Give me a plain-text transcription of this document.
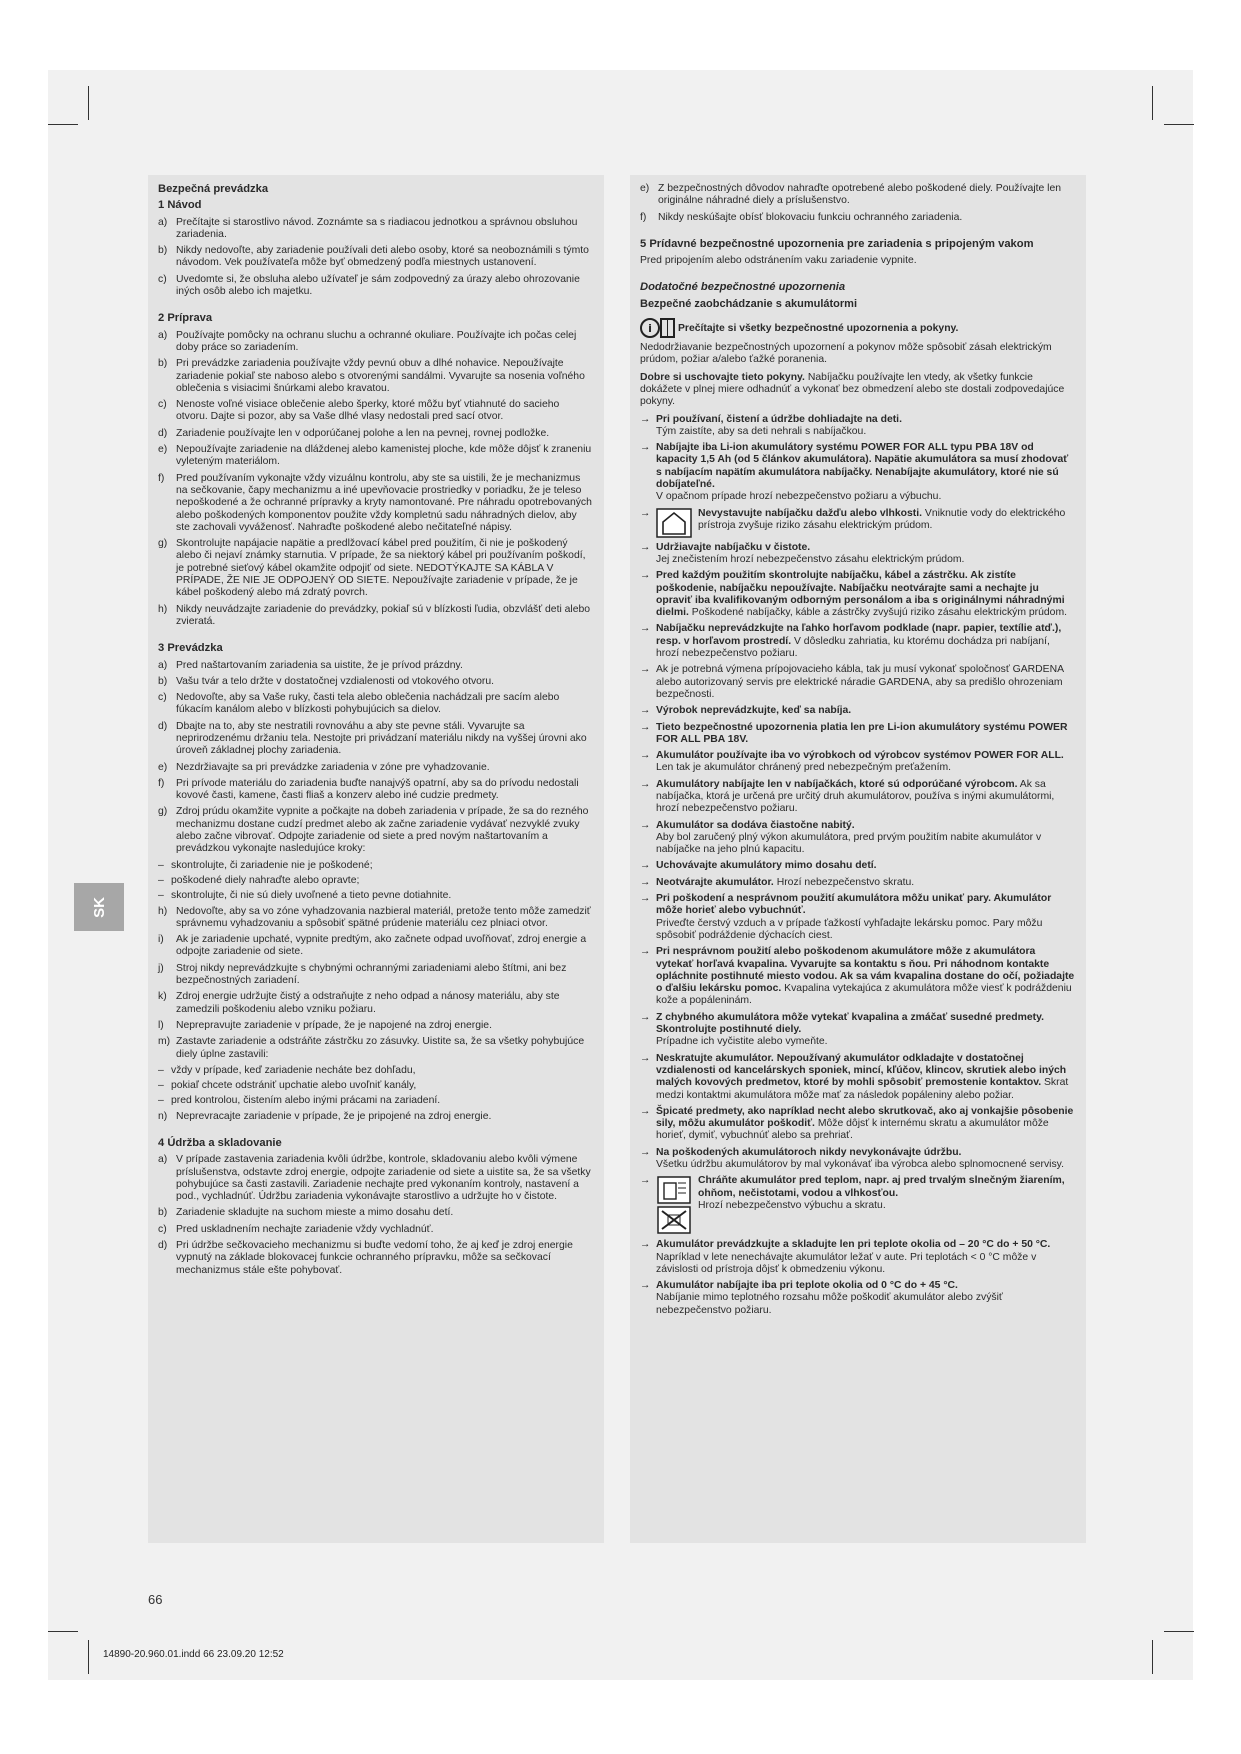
SK
Bezpečná prevádzka
1 Návod
a) Prečítajte si starostlivo návod. Zoznámte sa s riadiacou jednotkou a správnou obsluhou zariadenia.
b) Nikdy nedovoľte, aby zariadenie používali deti alebo osoby, ktoré sa neoboznámili s týmto návodom. Vek používateľa môže byť obmedzený podľa miestnych ustanovení.
c) Uvedomte si, že obsluha alebo užívateľ je sám zodpovedný za úrazy alebo ohrozovanie iných osôb alebo ich majetku.
2 Príprava
a) Používajte pomôcky na ochranu sluchu a ochranné okuliare. Používajte ich počas celej doby práce so zariadením.
b) Pri prevádzke zariadenia používajte vždy pevnú obuv a dlhé nohavice. Nepoužívajte zariadenie pokiaľ ste naboso alebo s otvorenými sandálmi. Vyvarujte sa nosenia voľného oblečenia s visiacimi šnúrkami alebo kravatou.
c) Nenoste voľné visiace oblečenie alebo šperky, ktoré môžu byť vtiahnuté do sacieho otvoru. Dajte si pozor, aby sa Vaše dlhé vlasy nedostali pred sací otvor.
d) Zariadenie používajte len v odporúčanej polohe a len na pevnej, rovnej podložke.
e) Nepoužívajte zariadenie na dláždenej alebo kamenistej ploche, kde môže dôjsť k zraneniu vyleteným materiálom.
f)	Pred používaním vykonajte vždy vizuálnu kontrolu, aby ste sa uistili, že je mechanizmus na sečkovanie, čapy mechanizmu a iné upevňovacie prostriedky v poriadku, že je teleso nepoškodené a že ochranné prípravky a kryty namontované. Pre náhradu opotrebovaných alebo poškodených komponentov použite vždy kompletnú sadu náhradných dielov, aby ste zachovali vyváženosť. Nahraďte poškodené alebo nečitateľné nápisy.
g) Skontrolujte napájacie napätie a predlžovací kábel pred použitím, či nie je poškodený alebo či nejaví známky starnutia. V prípade, že sa niektorý kábel pri používaním poškodí, je potrebné sieťový kábel okamžite odpojiť od siete. NEDOTÝKAJTE SA KÁBLA V PRÍPADE, ŽE NIE JE ODPOJENÝ OD SIETE. Nepoužívajte zariadenie v prípade, že je kábel poškodený alebo má zdratý povrch.
h) Nikdy neuvádzajte zariadenie do prevádzky, pokiaľ sú v blízkosti ľudia, obzvlášť deti alebo zvieratá.
3 Prevádzka
a) Pred naštartovaním zariadenia sa uistite, že je prívod prázdny.
b) Vašu tvár a telo držte v dostatočnej vzdialenosti od vtokového otvoru.
c) Nedovoľte, aby sa Vaše ruky, časti tela alebo oblečenia nachádzali pre sacím alebo fúkacím kanálom alebo v blízkosti pohybujúcich sa dielov.
d) Dbajte na to, aby ste nestratili rovnováhu a aby ste pevne stáli. Vyvarujte sa neprirodzenému držaniu tela. Nestojte pri privádzaní materiálu nikdy na vyššej úrovni ako úroveň základnej plochy zariadenia.
e) Nezdržiavajte sa pri prevádzke zariadenia v zóne pre vyhadzovanie.
f)	Pri prívode materiálu do zariadenia buďte nanajvýš opatrní, aby sa do prívodu nedostali kovové časti, kamene, časti fliaš a konzerv alebo iné cudzie predmety.
g) Zdroj prúdu okamžite vypnite a počkajte na dobeh zariadenia v prípade, že sa do rezného mechanizmu dostane cudzí predmet alebo ak začne zariadenie vydávať nezvyklé zvuky alebo začne vibrovať. Odpojte zariadenie od siete a pred novým naštartovaním a prevádzkou vykonajte nasledujúce kroky:
– skontrolujte, či zariadenie nie je poškodené;
– poškodené diely nahraďte alebo opravte;
– skontrolujte, či nie sú diely uvoľnené a tieto pevne dotiahnite.
h) Nedovoľte, aby sa vo zóne vyhadzovania nazbieral materiál, pretože tento môže zamedziť správnemu vyhadzovaniu a spôsobiť spätné prúdenie materiálu cez plniaci otvor.
i)	Ak je zariadenie upchaté, vypnite predtým, ako začnete odpad uvoľňovať, zdroj energie a odpojte zariadenie od siete.
j)	Stroj nikdy neprevádzkujte s chybnými ochrannými zariadeniami alebo štítmi, ani bez bezpečnostných zariadení.
k) Zdroj energie udržujte čistý a odstraňujte z neho odpad a nánosy materiálu, aby ste zamedzili poškodeniu alebo vzniku požiaru.
l)	Neprepravujte zariadenie v prípade, že je napojené na zdroj energie.
m) Zastavte zariadenie a odstráňte zástrčku zo zásuvky. Uistite sa, že sa všetky pohybujúce diely úplne zastavili:
– vždy v prípade, keď zariadenie necháte bez dohľadu,
– pokiaľ chcete odstrániť upchatie alebo uvoľniť kanály,
– pred kontrolou, čistením alebo inými prácami na zariadení.
n) Neprevracajte zariadenie v prípade, že je pripojené na zdroj energie.
4 Údržba a skladovanie
a) V prípade zastavenia zariadenia kvôli údržbe, kontrole, skladovaniu alebo kvôli výmene príslušenstva, odstavte zdroj energie, odpojte zariadenie od siete a uistite sa, že sa všetky pohybujúce sa časti zastavili. Zariadenie nechajte pred vykonaním kontroly, nastavení a pod., vychladnúť. Údržbu zariadenia vykonávajte starostlivo a udržujte ho v čistote.
b) Zariadenie skladujte na suchom mieste a mimo dosahu detí.
c) Pred uskladnením nechajte zariadenie vždy vychladnúť.
d) Pri údržbe sečkovacieho mechanizmu si buďte vedomí toho, že aj keď je zdroj energie vypnutý na základe blokovacej funkcie ochranného prípravku, môže sa sečkovací mechanizmus stále ešte pohybovať.
e) Z bezpečnostných dôvodov nahraďte opotrebené alebo poškodené diely. Používajte len originálne náhradné diely a príslušenstvo.
f)	Nikdy neskúšajte obísť blokovaciu funkciu ochranného zariadenia.
5 Prídavné bezpečnostné upozornenia pre zariadenia s pripojeným vakom
Pred pripojením alebo odstránením vaku zariadenie vypnite.
Dodatočné bezpečnostné upozornenia
Bezpečné zaobchádzanie s akumulátormi
i	Prečítajte si všetky bezpečnostné upozornenia a pokyny.
Nedodržiavanie bezpečnostných upozornení a pokynov môže spôsobiť zásah elektrickým prúdom, požiar a/alebo ťažké poranenia.
Dobre si uschovajte tieto pokyny. Nabíjačku používajte len vtedy, ak všetky funkcie dokážete v plnej miere odhadnúť a vykonať bez obmedzení alebo ste dostali zodpovedajúce pokyny.
→ Pri používaní, čistení a údržbe dohliadajte na deti.
Tým zaistíte, aby sa deti nehrali s nabíjačkou.
→ Nabíjajte iba Li-ion akumulátory systému POWER FOR ALL typu PBA 18V od kapacity 1,5 Ah (od 5 článkov akumulátora). Napätie akumulátora sa musí zhodovať s nabíjacím napätím akumulátora nabíjačky. Nenabíjajte akumulátory, ktoré nie sú dobíjateľné.
V opačnom prípade hrozí nebezpečenstvo požiaru a výbuchu.
→	Nevystavujte nabíjačku dažďu alebo vlhkosti. Vniknutie vody do elektrického prístroja zvyšuje riziko zásahu elektrickým prúdom.
→ Udržiavajte nabíjačku v čistote.
Jej znečistením hrozí nebezpečenstvo zásahu elektrickým prúdom.
→ Pred každým použitím skontrolujte nabíjačku, kábel a zástrčku. Ak zistíte poškodenie, nabíjačku nepoužívajte. Nabíjačku neotvárajte sami a nechajte ju opraviť iba kvalifikovaným odborným personálom a iba s originálnymi náhradnými dielmi. Poškodené nabíjačky, káble a zástrčky zvyšujú riziko zásahu elektrickým prúdom.
→ Nabíjačku neprevádzkujte na ľahko horľavom podklade (napr. papier, textílie atď.), resp. v horľavom prostredí. V dôsledku zahriatia, ku ktorému dochádza pri nabíjaní, hrozí nebezpečenstvo požiaru.
→ Ak je potrebná výmena prípojovacieho kábla, tak ju musí vykonať spoločnosť GARDENA alebo autorizovaný servis pre elektrické náradie GARDENA, aby sa predišlo ohrozeniam bezpečnosti.
→ Výrobok neprevádzkujte, keď sa nabíja.
→ Tieto bezpečnostné upozornenia platia len pre Li-ion akumulátory systému POWER FOR ALL PBA 18V.
→ Akumulátor používajte iba vo výrobkoch od výrobcov systémov POWER FOR ALL.
Len tak je akumulátor chránený pred nebezpečným preťažením.
→ Akumulátory nabíjajte len v nabíjačkách, ktoré sú odporúčané výrobcom. Ak sa nabíjačka, ktorá je určená pre určitý druh akumulátorov, používa s inými akumulátormi, hrozí nebezpečenstvo požiaru.
→ Akumulátor sa dodáva čiastočne nabitý.
Aby bol zaručený plný výkon akumulátora, pred prvým použitím nabite akumulátor v nabíjačke na jeho plnú kapacitu.
→ Uchovávajte akumulátory mimo dosahu detí.
→ Neotvárajte akumulátor. Hrozí nebezpečenstvo skratu.
→ Pri poškodení a nesprávnom použití akumulátora môžu unikať pary. Akumulátor môže horieť alebo vybuchnúť.
Priveďte čerstvý vzduch a v prípade ťažkostí vyhľadajte lekársku pomoc. Pary môžu spôsobiť podráždenie dýchacích ciest.
→ Pri nesprávnom použití alebo poškodenom akumulátore môže z akumulátora vytekať horľavá kvapalina. Vyvarujte sa kontaktu s ňou. Pri náhodnom kontakte opláchnite postihnuté miesto vodou. Ak sa vám kvapalina dostane do očí, požiadajte o ďalšiu lekársku pomoc. Kvapalina vytekajúca z akumulátora môže viesť k podráždeniu kože a popáleninám.
→ Z chybného akumulátora môže vytekať kvapalina a zmáčať susedné predmety. Skontrolujte postihnuté diely.
Prípadne ich vyčistite alebo vymeňte.
→ Neskratujte akumulátor. Nepoužívaný akumulátor odkladajte v dostatočnej vzdialenosti od kancelárskych sponiek, mincí, kľúčov, klincov, skrutiek alebo iných malých kovových predmetov, ktoré by mohli spôsobiť premostenie kontaktov. Skrat medzi kontaktmi akumulátora môže mať za následok popáleniny alebo požiar.
→ Špicaté predmety, ako napríklad necht alebo skrutkovač, ako aj vonkajšie pôsobenie sily, môžu akumulátor poškodiť. Môže dôjsť k internému skratu a akumulátor môže horieť, dymiť, vybuchnúť alebo sa prehriať.
→ Na poškodených akumulátoroch nikdy nevykonávajte údržbu.
Všetku údržbu akumulátorov by mal vykonávať iba výrobca alebo splnomocnené servisy.
→	Chráňte akumulátor pred teplom, napr. aj pred trvalým slnečným žiarením, ohňom, nečistotami, vodou a vlhkosťou.
Hrozí nebezpečenstvo výbuchu a skratu.
→ Akumulátor prevádzkujte a skladujte len pri teplote okolia od – 20 °C do + 50 °C. Napríklad v lete nenechávajte akumulátor ležať v aute. Pri teplotách < 0 °C môže v závislosti od prístroja dôjsť k obmedzeniu výkonu.
→ Akumulátor nabíjajte iba pri teplote okolia od 0 °C do + 45 °C.
Nabíjanie mimo teplotného rozsahu môže poškodiť akumulátor alebo zvýšiť nebezpečenstvo požiaru.
66
14890-20.960.01.indd 66 23.09.20 12:52
